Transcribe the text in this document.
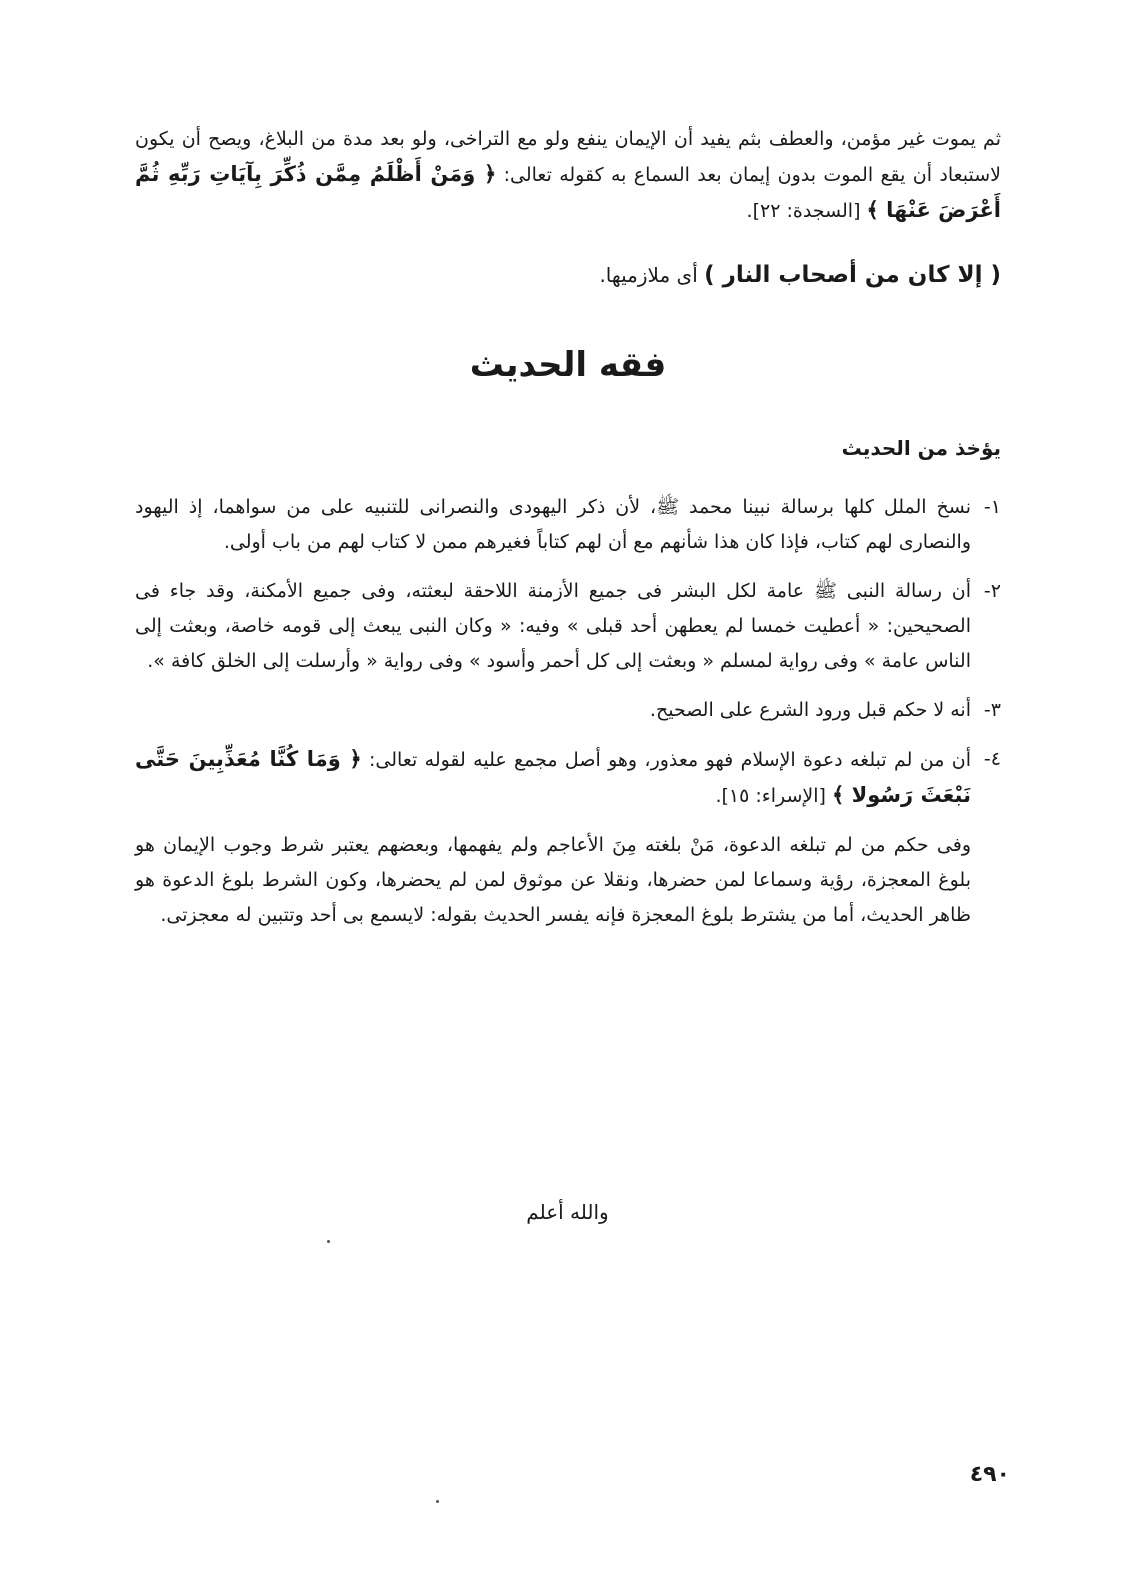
ثم يموت غير مؤمن، والعطف بثم يفيد أن الإيمان ينفع ولو مع التراخى، ولو بعد مدة من البلاغ، ويصح أن يكون لاستبعاد أن يقع الموت بدون إيمان بعد السماع به كقوله تعالى: ﴿ وَمَنْ أَظْلَمُ مِمَّن ذُكِّرَ بِآيَاتِ رَبِّهِ ثُمَّ أَعْرَضَ عَنْهَا ﴾ [السجدة: ٢٢].

( إلا كان من أصحاب النار ) أى ملازميها.
فقه الحديث
يؤخذ من الحديث
١-
نسخ الملل كلها برسالة نبينا محمد ﷺ، لأن ذكر اليهودى والنصرانى للتنبيه على من سواهما، إذ اليهود والنصارى لهم كتاب، فإذا كان هذا شأنهم مع أن لهم كتاباً فغيرهم ممن لا كتاب لهم من باب أولى.
٢-
أن رسالة النبى ﷺ عامة لكل البشر فى جميع الأزمنة اللاحقة لبعثته، وفى جميع الأمكنة، وقد جاء فى الصحيحين: « أعطيت خمسا لم يعطهن أحد قبلى » وفيه: « وكان النبى يبعث إلى قومه خاصة، وبعثت إلى الناس عامة » وفى رواية لمسلم « وبعثت إلى كل أحمر وأسود » وفى رواية « وأرسلت إلى الخلق كافة ».
٣-
أنه لا حكم قبل ورود الشرع على الصحيح.
٤-
أن من لم تبلغه دعوة الإسلام فهو معذور، وهو أصل مجمع عليه لقوله تعالى: ﴿ وَمَا كُنَّا مُعَذِّبِينَ حَتَّى نَبْعَثَ رَسُولا ﴾ [الإسراء: ١٥].
وفى حكم من لم تبلغه الدعوة، مَنْ بلغته مِنَ الأعاجم ولم يفهمها، وبعضهم يعتبر شرط وجوب الإيمان هو بلوغ المعجزة، رؤية وسماعا لمن حضرها، ونقلا عن موثوق لمن لم يحضرها، وكون الشرط بلوغ الدعوة هو ظاهر الحديث، أما من يشترط بلوغ المعجزة فإنه يفسر الحديث بقوله: لايسمع بى أحد وتتبين له معجزتى.
والله أعلم
٤٩٠
